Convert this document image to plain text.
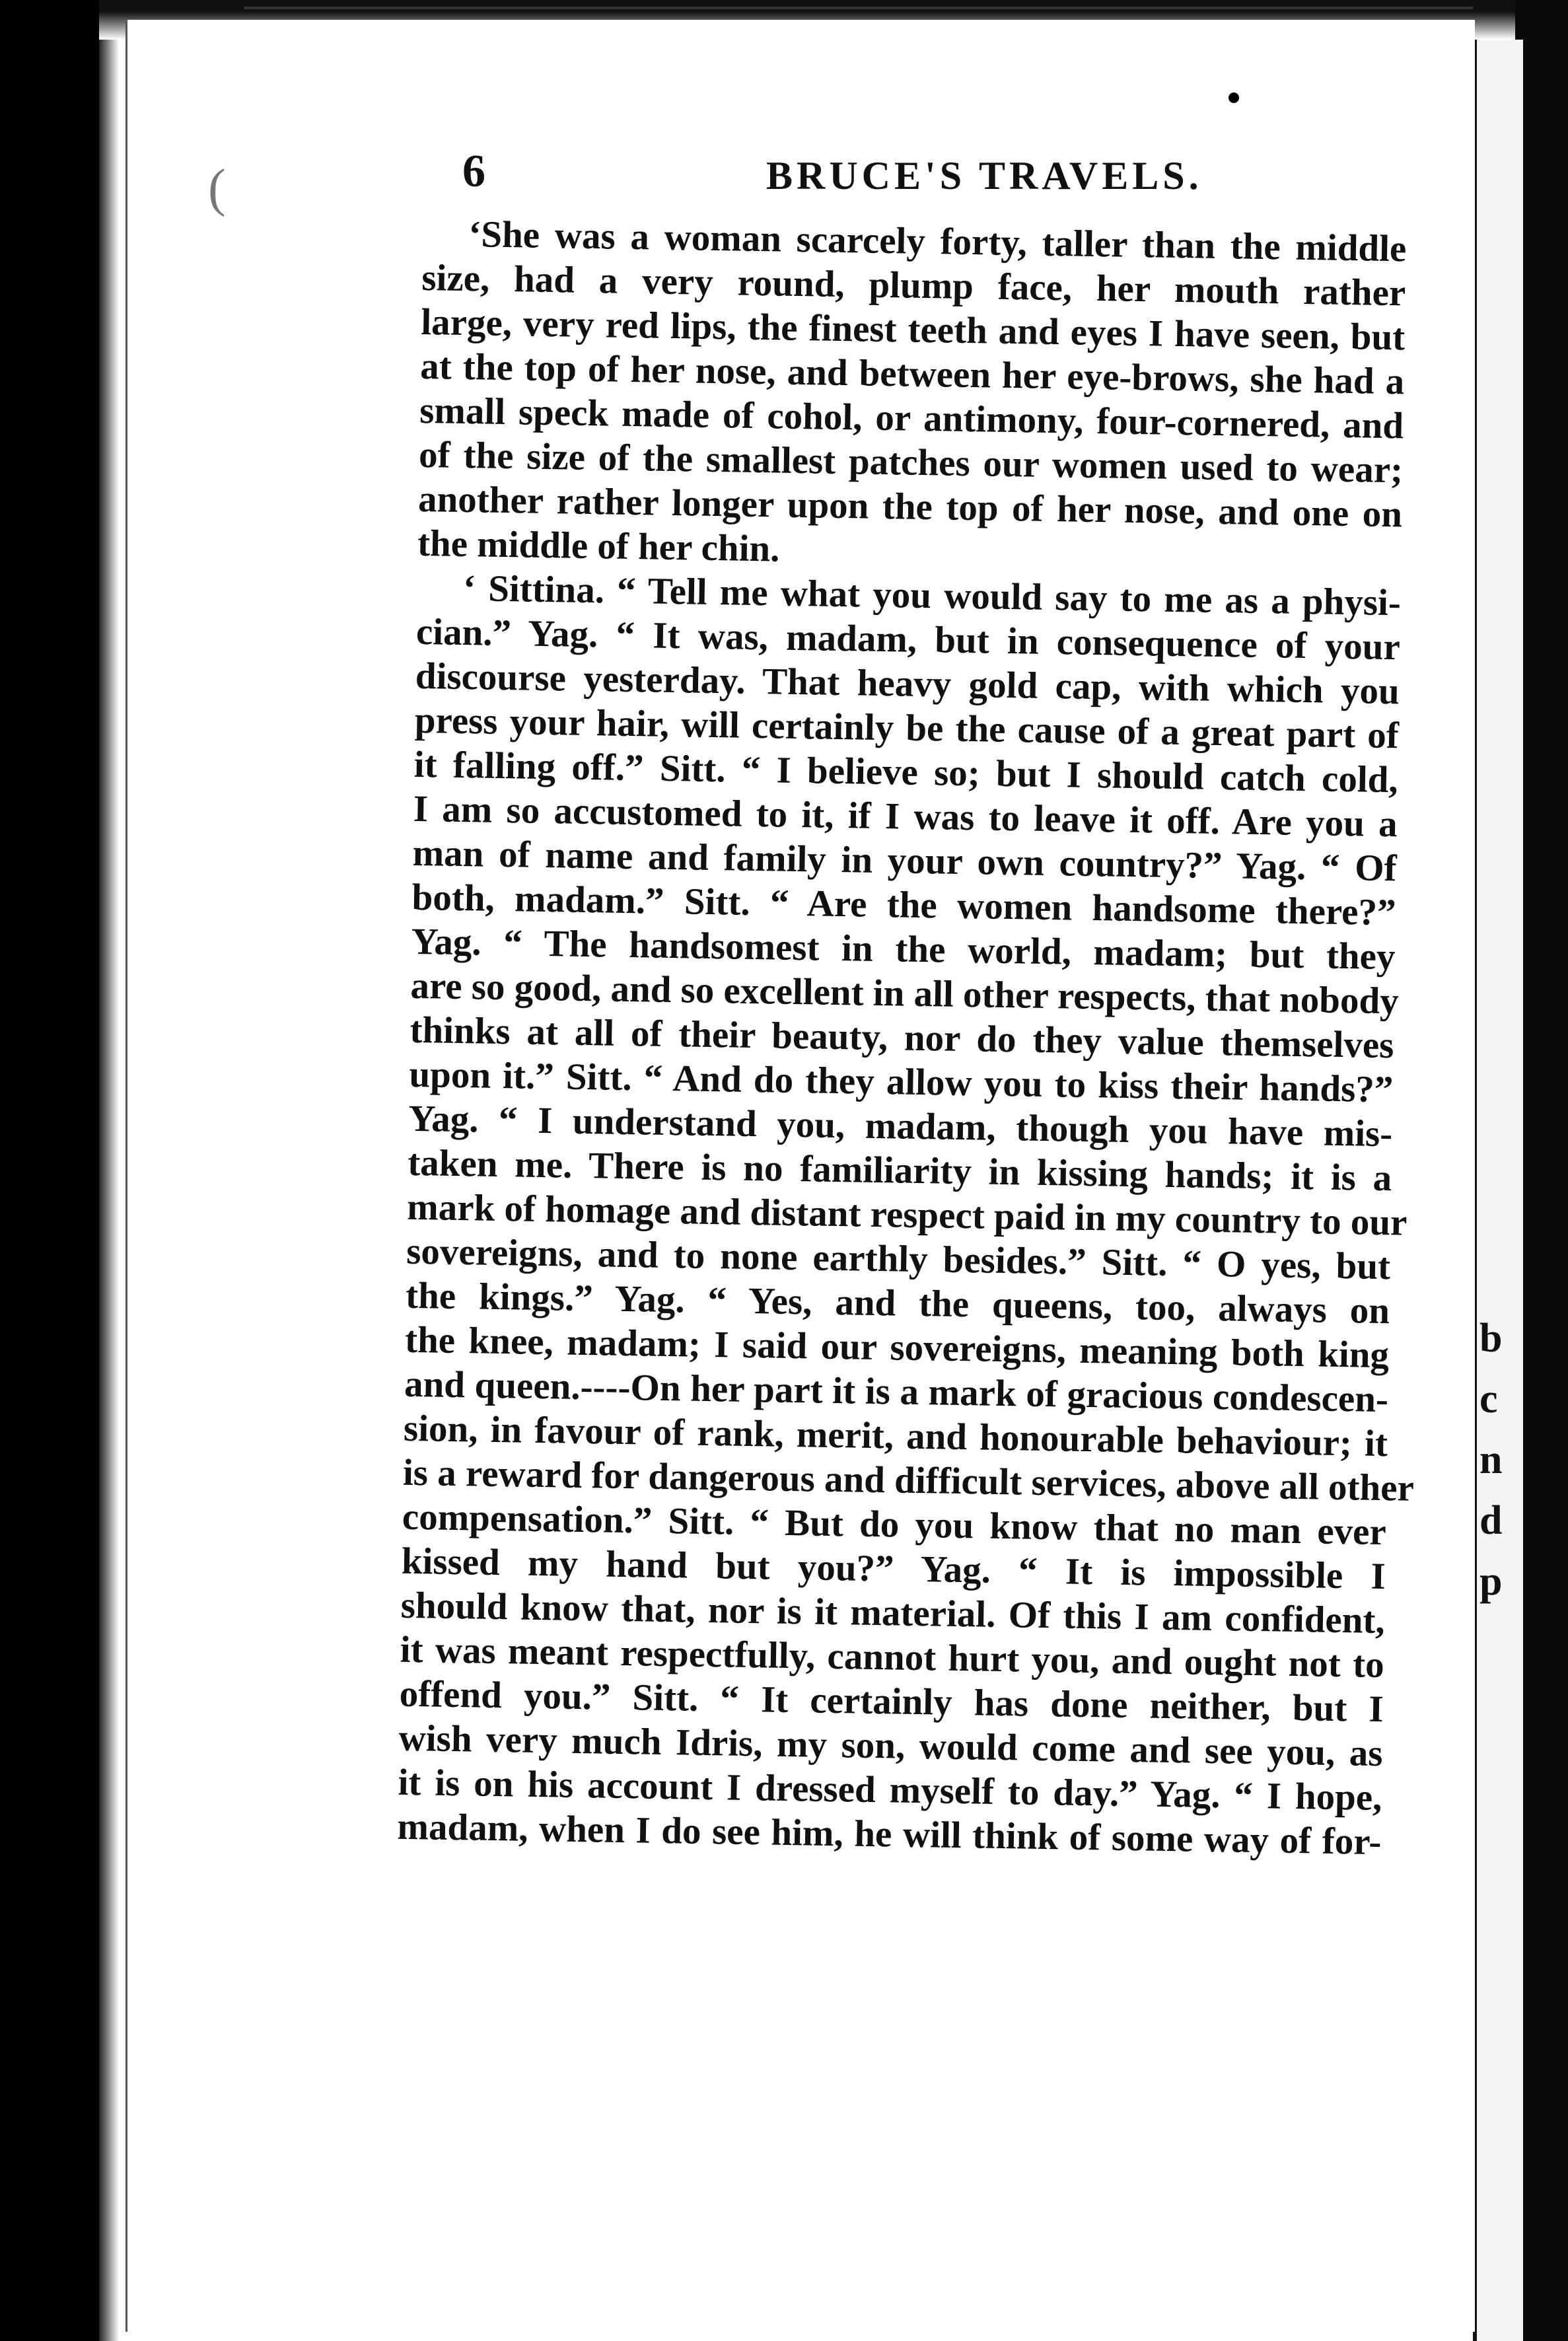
b
c
n
d
p
(	6	BRUCE'S TRAVELS.
‘She was a woman scarcely forty, taller than the middle
size, had a very round, plump face, her mouth rather
large, very red lips, the finest teeth and eyes I have seen, but
at the top of her nose, and between her eye-brows, she had a
small speck made of cohol, or antimony, four-cornered, and
of the size of the smallest patches our women used to wear;
another rather longer upon the top of her nose, and one on
the middle of her chin.
‘ Sittina. “ Tell me what you would say to me as a physi-
cian.” Yag. “ It was, madam, but in consequence of your
discourse yesterday. That heavy gold cap, with which you
press your hair, will certainly be the cause of a great part of
it falling off.” Sitt. “ I believe so; but I should catch cold,
I am so accustomed to it, if I was to leave it off. Are you a
man of name and family in your own country?” Yag. “ Of
both, madam.” Sitt. “ Are the women handsome there?”
Yag. “ The handsomest in the world, madam; but they
are so good, and so excellent in all other respects, that nobody
thinks at all of their beauty, nor do they value themselves
upon it.” Sitt. “ And do they allow you to kiss their hands?”
Yag. “ I understand you, madam, though you have mis-
taken me. There is no familiarity in kissing hands; it is a
mark of homage and distant respect paid in my country to our
sovereigns, and to none earthly besides.” Sitt. “ O yes, but
the kings.” Yag. “ Yes, and the queens, too, always on
the knee, madam; I said our sovereigns, meaning both king
and queen.----On her part it is a mark of gracious condescen-
sion, in favour of rank, merit, and honourable behaviour; it
is a reward for dangerous and difficult services, above all other
compensation.” Sitt. “ But do you know that no man ever
kissed my hand but you?” Yag. “ It is impossible I
should know that, nor is it material. Of this I am confident,
it was meant respectfully, cannot hurt you, and ought not to
offend you.” Sitt. “ It certainly has done neither, but I
wish very much Idris, my son, would come and see you, as
it is on his account I dressed myself to day.” Yag. “ I hope,
madam, when I do see him, he will think of some way of for-
